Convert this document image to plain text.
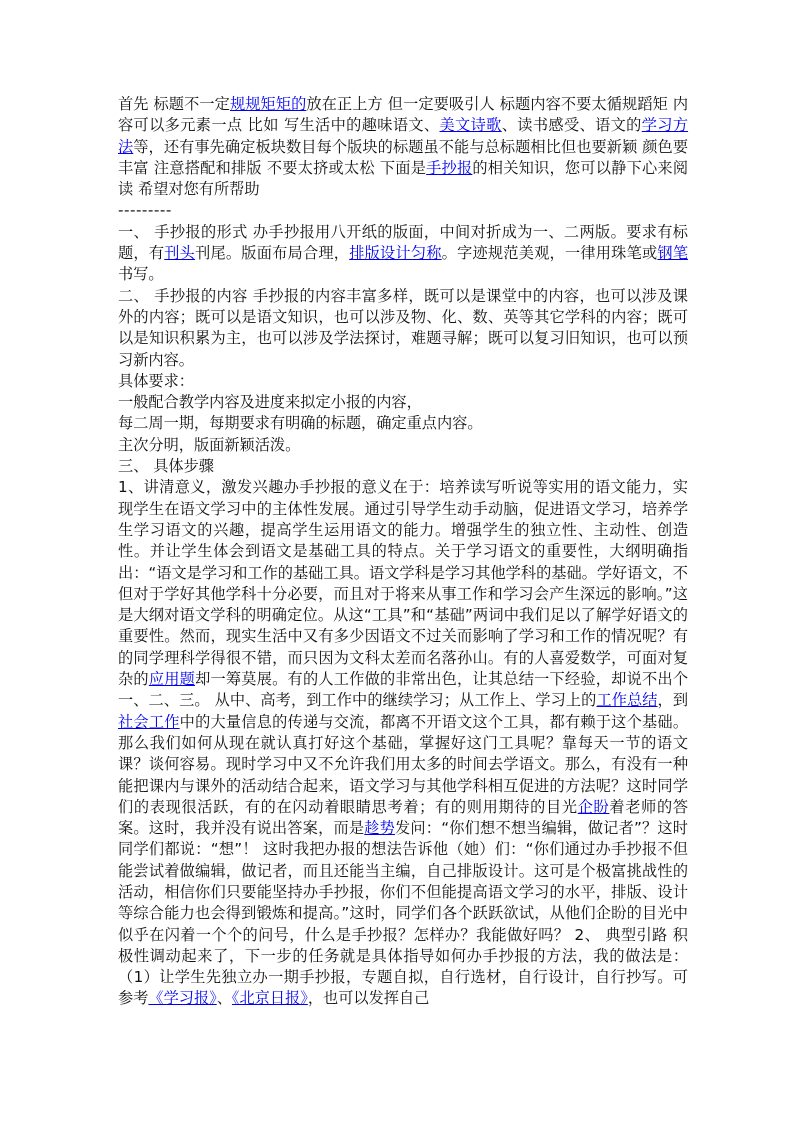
首先 标题不一定规规矩矩的放在正上方 但一定要吸引人 标题内容不要太循规蹈矩 内容可以多元素一点 比如 写生活中的趣味语文、美文诗歌、读书感受、语文的学习方法等，还有事先确定板块数目每个版块的标题虽不能与总标题相比但也要新颖 颜色要丰富 注意搭配和排版 不要太挤或太松 下面是手抄报的相关知识，您可以静下心来阅读 希望对您有所帮助

---------

一、 手抄报的形式 办手抄报用八开纸的版面，中间对折成为一、二两版。要求有标题，有刊头刊尾。版面布局合理，排版设计匀称。字迹规范美观，一律用珠笔或钢笔书写。

二、 手抄报的内容 手抄报的内容丰富多样，既可以是课堂中的内容，也可以涉及课外的内容；既可以是语文知识，也可以涉及物、化、数、英等其它学科的内容；既可以是知识积累为主，也可以涉及学法探讨，难题寻解；既可以复习旧知识，也可以预习新内容。

具体要求：

一般配合教学内容及进度来拟定小报的内容，

每二周一期，每期要求有明确的标题，确定重点内容。

主次分明，版面新颖活泼。

三、 具体步骤

1、讲清意义，激发兴趣办手抄报的意义在于：培养读写听说等实用的语文能力，实现学生在语文学习中的主体性发展。通过引导学生动手动脑，促进语文学习，培养学生学习语文的兴趣，提高学生运用语文的能力。增强学生的独立性、主动性、创造性。并让学生体会到语文是基础工具的特点。关于学习语文的重要性，大纲明确指出：“语文是学习和工作的基础工具。语文学科是学习其他学科的基础。学好语文，不但对于学好其他学科十分必要，而且对于将来从事工作和学习会产生深远的影响。”这是大纲对语文学科的明确定位。从这“工具”和“基础”两词中我们足以了解学好语文的重要性。然而，现实生活中又有多少因语文不过关而影响了学习和工作的情况呢？有的同学理科学得很不错，而只因为文科太差而名落孙山。有的人喜爱数学，可面对复杂的应用题却一筹莫展。有的人工作做的非常出色，让其总结一下经验，却说不出个一、二、三。 从中、高考，到工作中的继续学习；从工作上、学习上的工作总结，到社会工作中的大量信息的传递与交流，都离不开语文这个工具，都有赖于这个基础。那么我们如何从现在就认真打好这个基础，掌握好这门工具呢？靠每天一节的语文课？谈何容易。现时学习中又不允许我们用太多的时间去学语文。那么，有没有一种能把课内与课外的活动结合起来，语文学习与其他学科相互促进的方法呢？这时同学们的表现很活跃，有的在闪动着眼睛思考着；有的则用期待的目光企盼着老师的答案。这时，我并没有说出答案，而是趁势发问：“你们想不想当编辑，做记者”？这时同学们都说：“想”！ 这时我把办报的想法告诉他（她）们：“你们通过办手抄报不但能尝试着做编辑，做记者，而且还能当主编，自己排版设计。这可是个极富挑战性的活动，相信你们只要能坚持办手抄报，你们不但能提高语文学习的水平，排版、设计等综合能力也会得到锻炼和提高。”这时，同学们各个跃跃欲试，从他们企盼的目光中似乎在闪着一个个的问号，什么是手抄报？怎样办？我能做好吗？ 2、 典型引路 积极性调动起来了，下一步的任务就是具体指导如何办手抄报的方法，我的做法是： （1）让学生先独立办一期手抄报，专题自拟，自行选材，自行设计，自行抄写。可参考《学习报》、《北京日报》，也可以发挥自己
